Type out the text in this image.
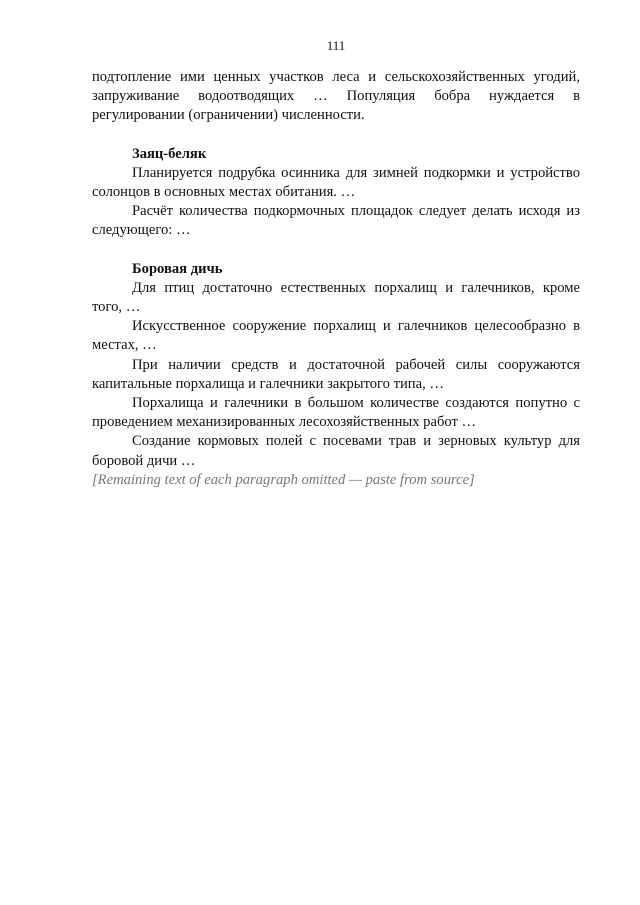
111

подтопление ими ценных участков леса и сельскохозяйственных угодий, запруживание водоотводящих … Популяция бобра нуждается в регулировании (ограничении) численности.

Заяц-беляк

Планируется подрубка осинника для зимней подкормки и устройство солонцов в основных местах обитания. …

Расчёт количества подкормочных площадок следует делать исходя из следующего: …

Боровая дичь

Для птиц достаточно естественных порхалищ и галечников, кроме того, …

Искусственное сооружение порхалищ и галечников целесообразно в местах, …

При наличии средств и достаточной рабочей силы сооружаются капитальные порхалища и галечники закрытого типа, …

Порхалища и галечники в большом количестве создаются попутно с проведением механизированных лесохозяйственных работ …

Создание кормовых полей с посевами трав и зерновых культур для боровой дичи …

[Remaining text of each paragraph omitted — paste from source]
